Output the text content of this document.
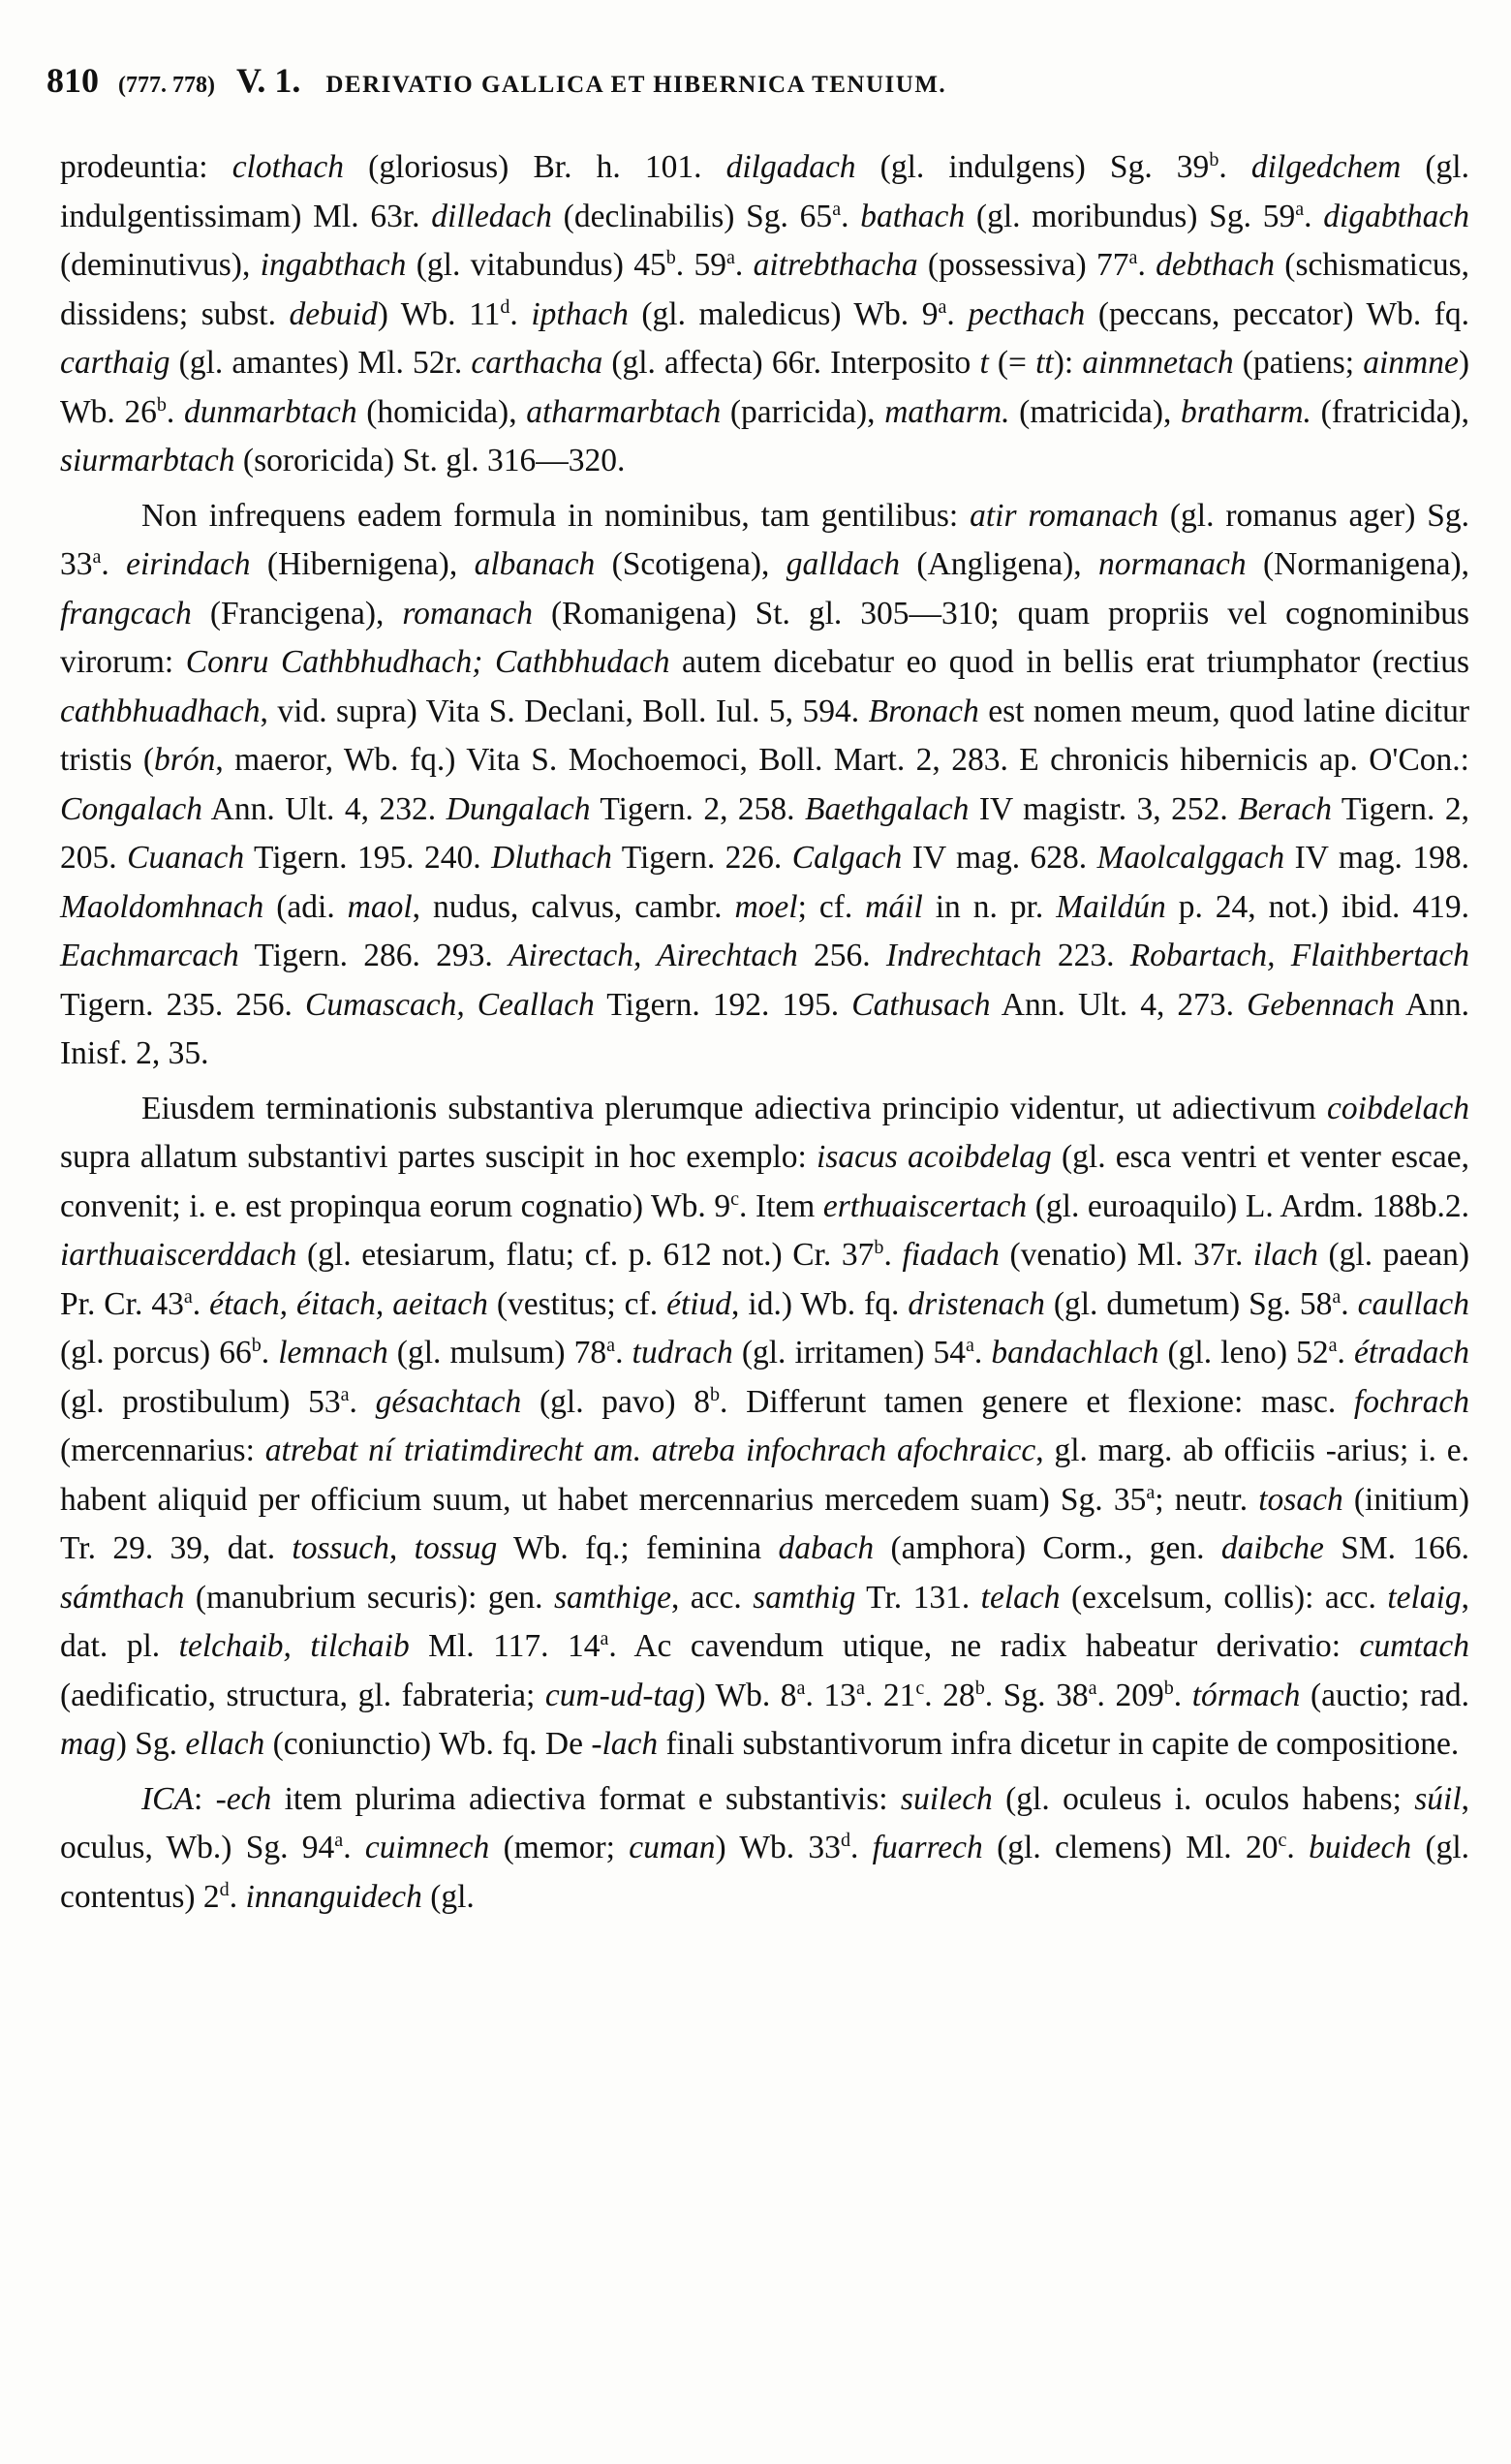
810 (777. 778) V. 1. DERIVATIO GALLICA ET HIBERNICA TENUIUM.

prodeuntia: clothach (gloriosus) Br. h. 101. dilgadach (gl. indulgens) Sg. 39$^b$. dilgedchem (gl. indulgentissimam) Ml. 63r. dilledach (declinabilis) Sg. 65$^a$. bathach (gl. moribundus) Sg. 59$^a$. digabthach (deminutivus), ingabthach (gl. vitabundus) 45$^b$. 59$^a$. aitrebthacha (possessiva) 77$^a$. debthach (schismaticus, dissidens; subst. debuid) Wb. 11$^d$. ipthach (gl. maledicus) Wb. 9$^a$. pecthach (peccans, peccator) Wb. fq. carthaig (gl. amantes) Ml. 52r. carthacha (gl. affecta) 66r. Interposito t (= tt): ainmnetach (patiens; ainmne) Wb. 26$^b$. dunmarbtach (homicida), atharmarbtach (parricida), matharm. (matricida), bratharm. (fratricida), siurmarbtach (sororicida) St. gl. 316—320.

Non infrequens eadem formula in nominibus, tam gentilibus: atir romanach (gl. romanus ager) Sg. 33$^a$. eirindach (Hibernigena), albanach (Scotigena), galldach (Angligena), normanach (Normanigena), frangcach (Francigena), romanach (Romanigena) St. gl. 305—310; quam propriis vel cognominibus virorum: Conru Cathbhudhach; Cathbhudach autem dicebatur eo quod in bellis erat triumphator (rectius cathbhuadhach, vid. supra) Vita S. Declani, Boll. Iul. 5, 594. Bronach est nomen meum, quod latine dicitur tristis (brón, maeror, Wb. fq.) Vita S. Mochoemoci, Boll. Mart. 2, 283. E chronicis hibernicis ap. O'Con.: Congalach Ann. Ult. 4, 232. Dungalach Tigern. 2, 258. Baethgalach IV magistr. 3, 252. Berach Tigern. 2, 205. Cuanach Tigern. 195. 240. Dluthach Tigern. 226. Calgach IV mag. 628. Maolcalggach IV mag. 198. Maoldomhnach (adi. maol, nudus, calvus, cambr. moel; cf. máil in n. pr. Maildún p. 24, not.) ibid. 419. Eachmarcach Tigern. 286. 293. Airectach, Airechtach 256. Indrechtach 223. Robartach, Flaithbertach Tigern. 235. 256. Cumascach, Ceallach Tigern. 192. 195. Cathusach Ann. Ult. 4, 273. Gebennach Ann. Inisf. 2, 35.

Eiusdem terminationis substantiva plerumque adiectiva principio videntur, ut adiectivum coibdelach supra allatum substantivi partes suscipit in hoc exemplo: isacus acoibdelag (gl. esca ventri et venter escae, convenit; i. e. est propinqua eorum cognatio) Wb. 9$^c$. Item erthuaiscertach (gl. euroaquilo) L. Ardm. 188b.2. iarthuaiscerddach (gl. etesiarum, flatu; cf. p. 612 not.) Cr. 37$^b$. fiadach (venatio) Ml. 37r. ilach (gl. paean) Pr. Cr. 43$^a$. étach, éitach, aeitach (vestitus; cf. étiud, id.) Wb. fq. dristenach (gl. dumetum) Sg. 58$^a$. caullach (gl. porcus) 66$^b$. lemnach (gl. mulsum) 78$^a$. tudrach (gl. irritamen) 54$^a$. bandachlach (gl. leno) 52$^a$. étradach (gl. prostibulum) 53$^a$. gésachtach (gl. pavo) 8$^b$. Differunt tamen genere et flexione: masc. fochrach (mercennarius: atrebat ní triatimdirecht am. atreba infochrach afochraicc, gl. marg. ab officiis -arius; i. e. habent aliquid per officium suum, ut habet mercennarius mercedem suam) Sg. 35$^a$; neutr. tosach (initium) Tr. 29. 39, dat. tossuch, tossug Wb. fq.; feminina dabach (amphora) Corm., gen. daibche SM. 166. sámthach (manubrium securis): gen. samthige, acc. samthig Tr. 131. telach (excelsum, collis): acc. telaig, dat. pl. telchaib, tilchaib Ml. 117. 14$^a$. Ac cavendum utique, ne radix habeatur derivatio: cumtach (aedificatio, structura, gl. fabrateria; cum-ud-tag) Wb. 8$^a$. 13$^a$. 21$^c$. 28$^b$. Sg. 38$^a$. 209$^b$. tórmach (auctio; rad. mag) Sg. ellach (coniunctio) Wb. fq. De -lach finali substantivorum infra dicetur in capite de compositione.

ICA: -ech item plurima adiectiva format e substantivis: suilech (gl. oculeus i. oculos habens; súil, oculus, Wb.) Sg. 94$^a$. cuimnech (memor; cuman) Wb. 33$^d$. fuarrech (gl. clemens) Ml. 20$^c$. buidech (gl. contentus) 2$^d$. innanguidech (gl.
